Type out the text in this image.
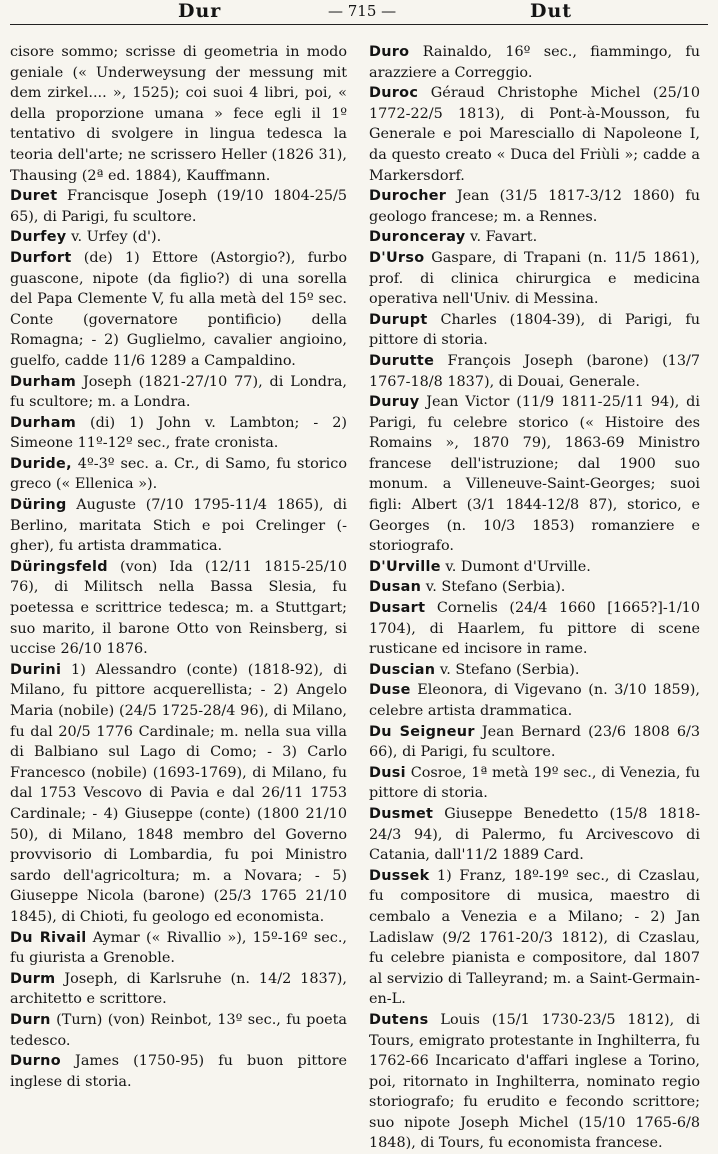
Dur	— 715 —	Dut

cisore sommo; scrisse di geometria in modo geniale (« Underweysung der messung mit dem zirkel.... », 1525); coi suoi 4 libri, poi, « della proporzione umana » fece egli il 1º tentativo di svolgere in lingua tedesca la teoria dell'arte; ne scrissero Heller (1826 31), Thausing (2ª ed. 1884), Kauffmann.

Duret Francisque Joseph (19/10 1804-25/5 65), di Parigi, fu scultore.

Durfey v. Urfey (d').

Durfort (de) 1) Ettore (Astorgio?), furbo guascone, nipote (da figlio?) di una sorella del Papa Clemente V, fu alla metà del 15º sec. Conte (governatore pontificio) della Romagna; - 2) Guglielmo, cavalier angioino, guelfo, cadde 11/6 1289 a Campaldino.

Durham Joseph (1821-27/10 77), di Londra, fu scultore; m. a Londra.

Durham (di) 1) John v. Lambton; - 2) Simeone 11º-12º sec., frate cronista.

Duride, 4º-3º sec. a. Cr., di Samo, fu storico greco (« Ellenica »).

Düring Auguste (7/10 1795-11/4 1865), di Berlino, maritata Stich e poi Crelinger (-gher), fu artista drammatica.

Düringsfeld (von) Ida (12/11 1815-25/10 76), di Militsch nella Bassa Slesia, fu poetessa e scrittrice tedesca; m. a Stuttgart; suo marito, il barone Otto von Reinsberg, si uccise 26/10 1876.

Durini 1) Alessandro (conte) (1818-92), di Milano, fu pittore acquerellista; - 2) Angelo Maria (nobile) (24/5 1725-28/4 96), di Milano, fu dal 20/5 1776 Cardinale; m. nella sua villa di Balbiano sul Lago di Como; - 3) Carlo Francesco (nobile) (1693-1769), di Milano, fu dal 1753 Vescovo di Pavia e dal 26/11 1753 Cardinale; - 4) Giuseppe (conte) (1800 21/10 50), di Milano, 1848 membro del Governo provvisorio di Lombardia, fu poi Ministro sardo dell'agricoltura; m. a Novara; - 5) Giuseppe Nicola (barone) (25/3 1765 21/10 1845), di Chioti, fu geologo ed economista.

Du Rivail Aymar (« Rivallio »), 15º-16º sec., fu giurista a Grenoble.

Durm Joseph, di Karlsruhe (n. 14/2 1837), architetto e scrittore.

Durn (Turn) (von) Reinbot, 13º sec., fu poeta tedesco.

Durno James (1750-95) fu buon pittore inglese di storia.

Duro Rainaldo, 16º sec., fiammingo, fu arazziere a Correggio.

Duroc Géraud Christophe Michel (25/10 1772-22/5 1813), di Pont-à-Mousson, fu Generale e poi Maresciallo di Napoleone I, da questo creato « Duca del Friùli »; cadde a Markersdorf.

Durocher Jean (31/5 1817-3/12 1860) fu geologo francese; m. a Rennes.

Duronceray v. Favart.

D'Urso Gaspare, di Trapani (n. 11/5 1861), prof. di clinica chirurgica e medicina operativa nell'Univ. di Messina.

Durupt Charles (1804-39), di Parigi, fu pittore di storia.

Durutte François Joseph (barone) (13/7 1767-18/8 1837), di Douai, Generale.

Duruy Jean Victor (11/9 1811-25/11 94), di Parigi, fu celebre storico (« Histoire des Romains », 1870 79), 1863-69 Ministro francese dell'istruzione; dal 1900 suo monum. a Villeneuve-Saint-Georges; suoi figli: Albert (3/1 1844-12/8 87), storico, e Georges (n. 10/3 1853) romanziere e storiografo.

D'Urville v. Dumont d'Urville.

Dusan v. Stefano (Serbia).

Dusart Cornelis (24/4 1660 [1665?]-1/10 1704), di Haarlem, fu pittore di scene rusticane ed incisore in rame.

Duscian v. Stefano (Serbia).

Duse Eleonora, di Vigevano (n. 3/10 1859), celebre artista drammatica.

Du Seigneur Jean Bernard (23/6 1808 6/3 66), di Parigi, fu scultore.

Dusi Cosroe, 1ª metà 19º sec., di Venezia, fu pittore di storia.

Dusmet Giuseppe Benedetto (15/8 1818-24/3 94), di Palermo, fu Arcivescovo di Catania, dall'11/2 1889 Card.

Dussek 1) Franz, 18º-19º sec., di Czaslau, fu compositore di musica, maestro di cembalo a Venezia e a Milano; - 2) Jan Ladislaw (9/2 1761-20/3 1812), di Czaslau, fu celebre pianista e compositore, dal 1807 al servizio di Talleyrand; m. a Saint-Germain-en-L.

Dutens Louis (15/1 1730-23/5 1812), di Tours, emigrato protestante in Inghilterra, fu 1762-66 Incaricato d'affari inglese a Torino, poi, ritornato in Inghilterra, nominato regio storiografo; fu erudito e fecondo scrittore; suo nipote Joseph Michel (15/10 1765-6/8 1848), di Tours, fu economista francese.
